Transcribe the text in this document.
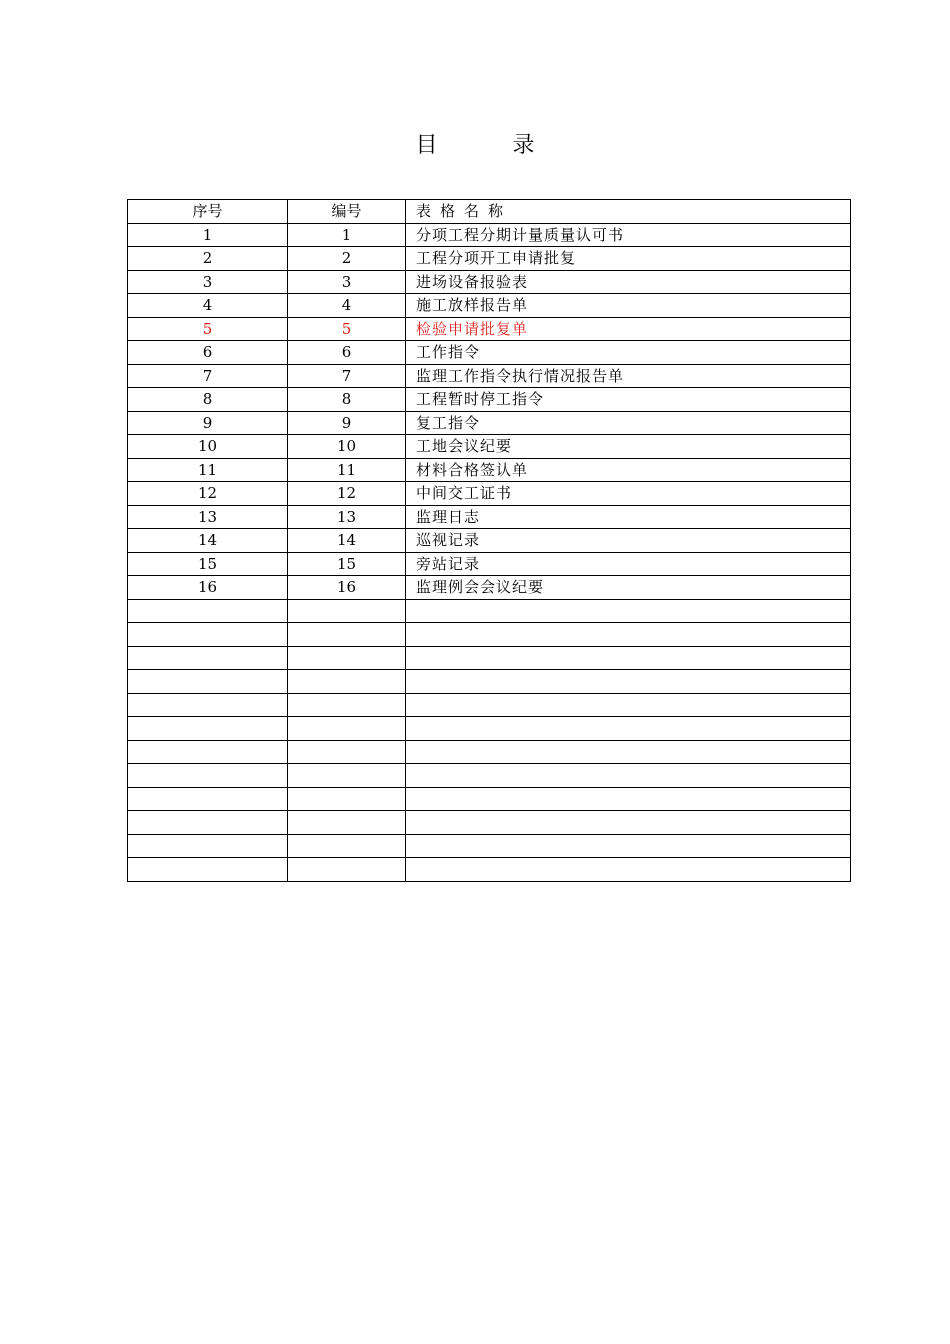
目 录
序号	编号	表格名称
1	1	分项工程分期计量质量认可书
2	2	工程分项开工申请批复
3	3	进场设备报验表
4	4	施工放样报告单
5	5	检验申请批复单
6	6	工作指令
7	7	监理工作指令执行情况报告单
8	8	工程暂时停工指令
9	9	复工指令
10	10	工地会议纪要
11	11	材料合格签认单
12	12	中间交工证书
13	13	监理日志
14	14	巡视记录
15	15	旁站记录
16	16	监理例会会议纪要
